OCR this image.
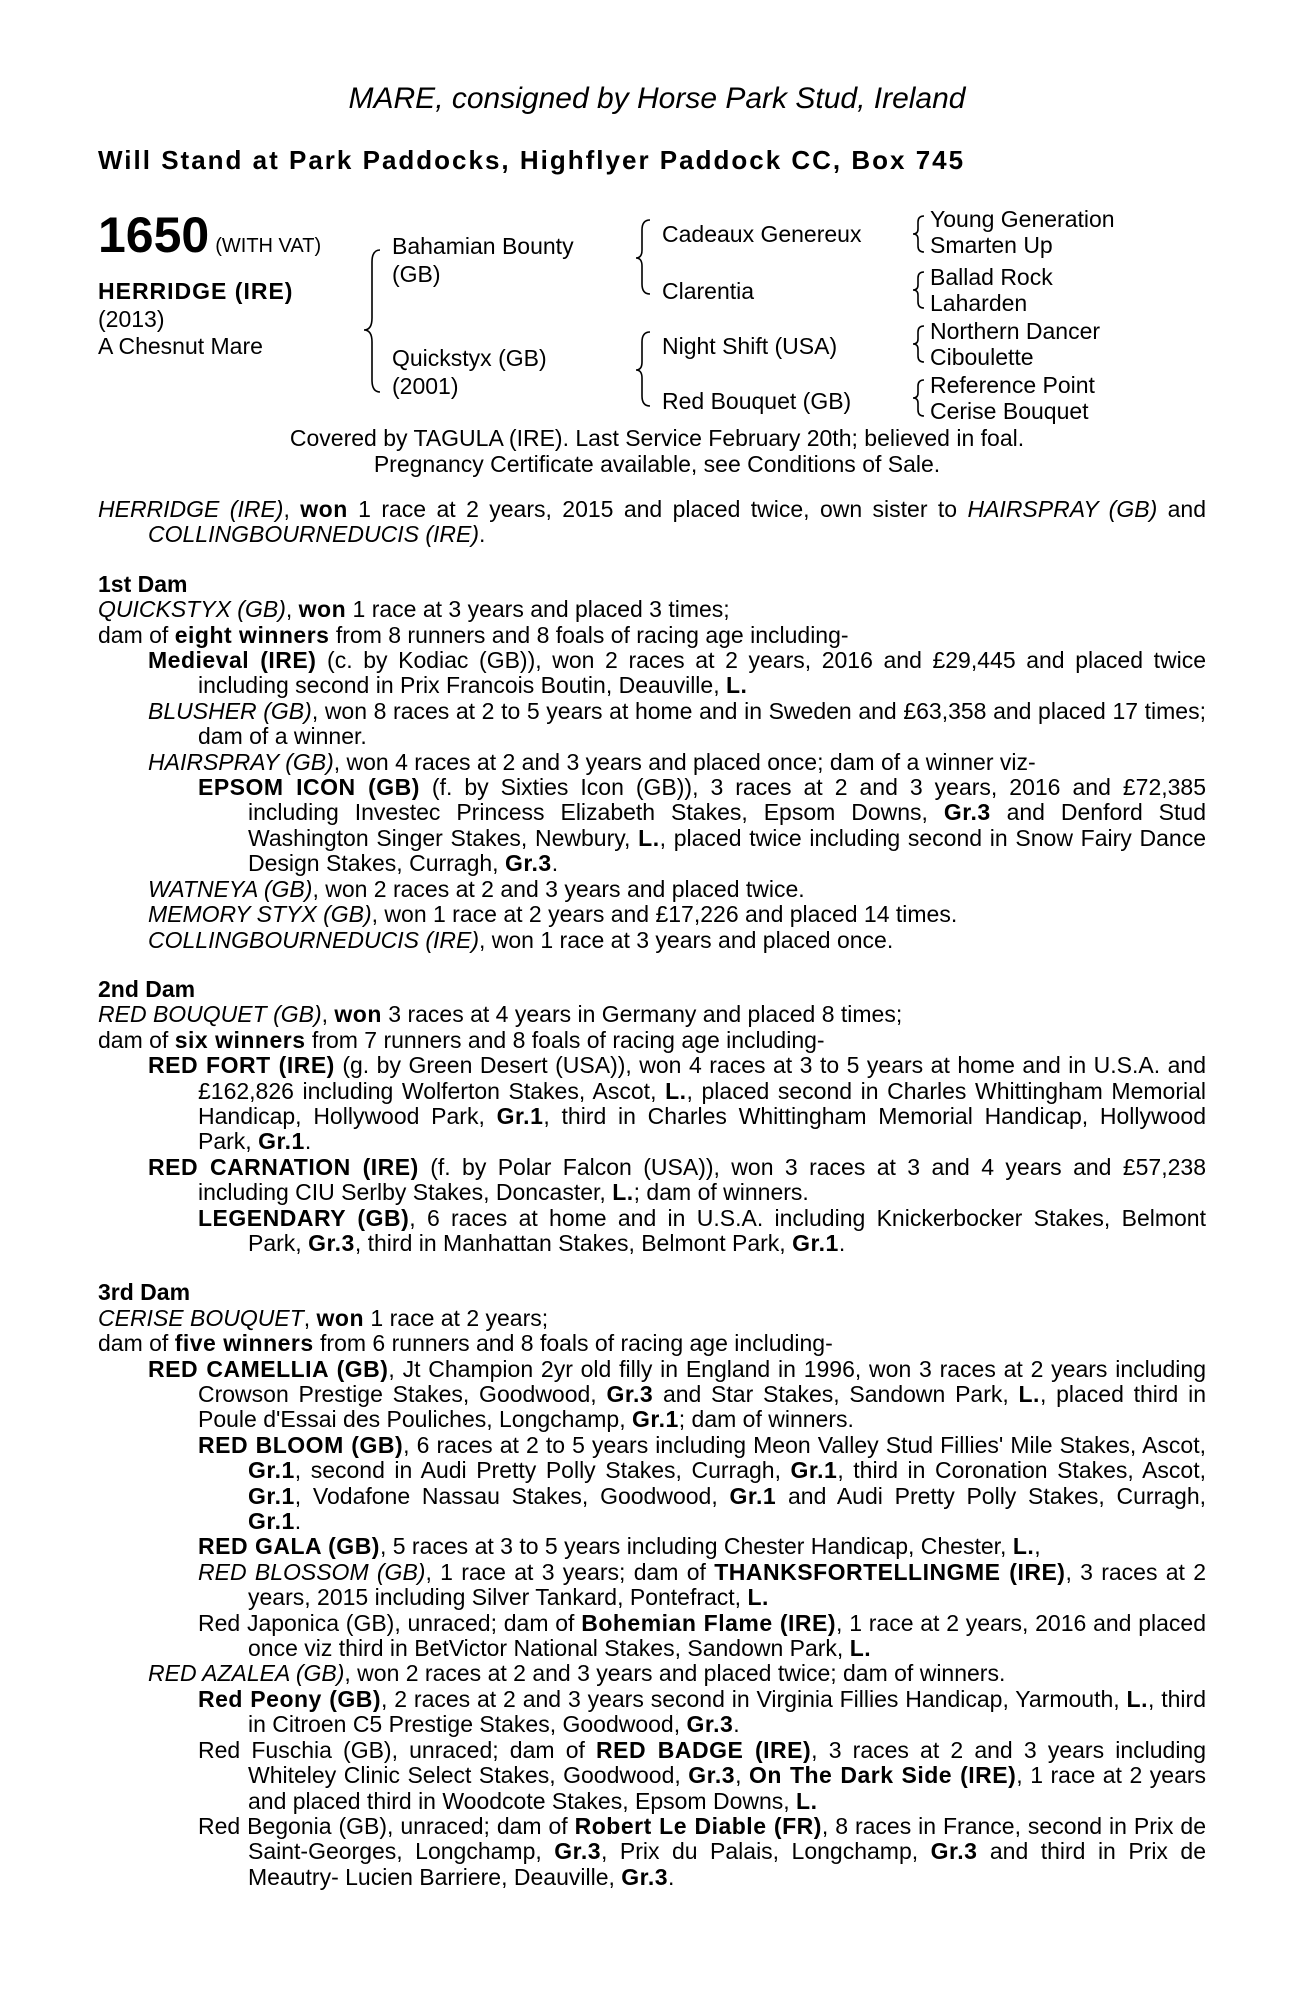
MARE, consigned by Horse Park Stud, Ireland
Will Stand at Park Paddocks, Highflyer Paddock CC, Box 745
1650 (WITH VAT)
HERRIDGE (IRE)
(2013)
A Chesnut Mare
Bahamian Bounty
(GB)
Quickstyx (GB)
(2001)
Cadeaux Genereux
Clarentia
Night Shift (USA)
Red Bouquet (GB)
Young Generation
Smarten Up
Ballad Rock
Laharden
Northern Dancer
Ciboulette
Reference Point
Cerise Bouquet
Covered by TAGULA (IRE). Last Service February 20th; believed in foal.
Pregnancy Certificate available, see Conditions of Sale.

HERRIDGE (IRE), won 1 race at 2 years, 2015 and placed twice, own sister to HAIRSPRAY (GB) and COLLINGBOURNEDUCIS (IRE).

1st Dam

QUICKSTYX (GB), won 1 race at 3 years and placed 3 times;

dam of eight winners from 8 runners and 8 foals of racing age including-

Medieval (IRE) (c. by Kodiac (GB)), won 2 races at 2 years, 2016 and £29,445 and placed twice including second in Prix Francois Boutin, Deauville, L.

BLUSHER (GB), won 8 races at 2 to 5 years at home and in Sweden and £63,358 and placed 17 times; dam of a winner.

HAIRSPRAY (GB), won 4 races at 2 and 3 years and placed once; dam of a winner viz-

EPSOM ICON (GB) (f. by Sixties Icon (GB)), 3 races at 2 and 3 years, 2016 and £72,385 including Investec Princess Elizabeth Stakes, Epsom Downs, Gr.3 and Denford Stud Washington Singer Stakes, Newbury, L., placed twice including second in Snow Fairy Dance Design Stakes, Curragh, Gr.3.

WATNEYA (GB), won 2 races at 2 and 3 years and placed twice.

MEMORY STYX (GB), won 1 race at 2 years and £17,226 and placed 14 times.

COLLINGBOURNEDUCIS (IRE), won 1 race at 3 years and placed once.

2nd Dam

RED BOUQUET (GB), won 3 races at 4 years in Germany and placed 8 times;

dam of six winners from 7 runners and 8 foals of racing age including-

RED FORT (IRE) (g. by Green Desert (USA)), won 4 races at 3 to 5 years at home and in U.S.A. and £162,826 including Wolferton Stakes, Ascot, L., placed second in Charles Whittingham Memorial Handicap, Hollywood Park, Gr.1, third in Charles Whittingham Memorial Handicap, Hollywood Park, Gr.1.

RED CARNATION (IRE) (f. by Polar Falcon (USA)), won 3 races at 3 and 4 years and £57,238 including CIU Serlby Stakes, Doncaster, L.; dam of winners.

LEGENDARY (GB), 6 races at home and in U.S.A. including Knickerbocker Stakes, Belmont Park, Gr.3, third in Manhattan Stakes, Belmont Park, Gr.1.

3rd Dam

CERISE BOUQUET, won 1 race at 2 years;

dam of five winners from 6 runners and 8 foals of racing age including-

RED CAMELLIA (GB), Jt Champion 2yr old filly in England in 1996, won 3 races at 2 years including Crowson Prestige Stakes, Goodwood, Gr.3 and Star Stakes, Sandown Park, L., placed third in Poule d'Essai des Pouliches, Longchamp, Gr.1; dam of winners.

RED BLOOM (GB), 6 races at 2 to 5 years including Meon Valley Stud Fillies' Mile Stakes, Ascot, Gr.1, second in Audi Pretty Polly Stakes, Curragh, Gr.1, third in Coronation Stakes, Ascot, Gr.1, Vodafone Nassau Stakes, Goodwood, Gr.1 and Audi Pretty Polly Stakes, Curragh, Gr.1.

RED GALA (GB), 5 races at 3 to 5 years including Chester Handicap, Chester, L.,

RED BLOSSOM (GB), 1 race at 3 years; dam of THANKSFORTELLINGME (IRE), 3 races at 2 years, 2015 including Silver Tankard, Pontefract, L.

Red Japonica (GB), unraced; dam of Bohemian Flame (IRE), 1 race at 2 years, 2016 and placed once viz third in BetVictor National Stakes, Sandown Park, L.

RED AZALEA (GB), won 2 races at 2 and 3 years and placed twice; dam of winners.

Red Peony (GB), 2 races at 2 and 3 years second in Virginia Fillies Handicap, Yarmouth, L., third in Citroen C5 Prestige Stakes, Goodwood, Gr.3.

Red Fuschia (GB), unraced; dam of RED BADGE (IRE), 3 races at 2 and 3 years including Whiteley Clinic Select Stakes, Goodwood, Gr.3, On The Dark Side (IRE), 1 race at 2 years and placed third in Woodcote Stakes, Epsom Downs, L.

Red Begonia (GB), unraced; dam of Robert Le Diable (FR), 8 races in France, second in Prix de Saint-Georges, Longchamp, Gr.3, Prix du Palais, Longchamp, Gr.3 and third in Prix de Meautry- Lucien Barriere, Deauville, Gr.3.
